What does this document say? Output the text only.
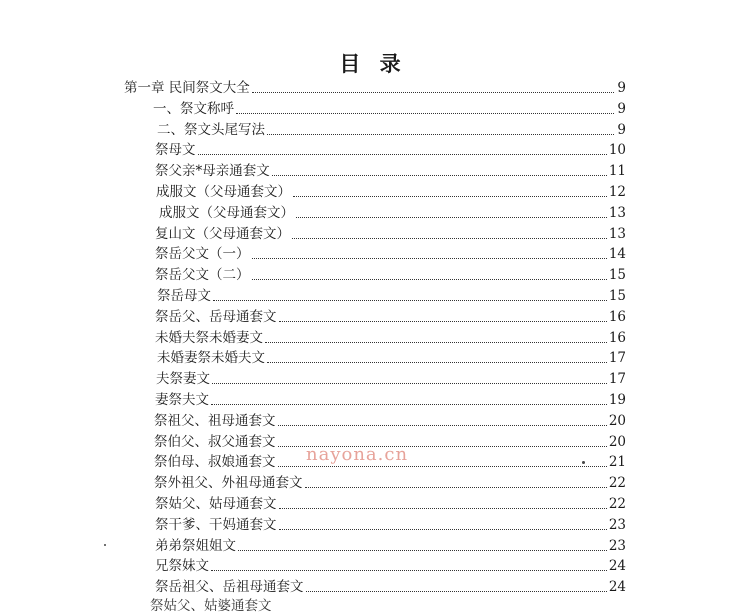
目 录
第一章 民间祭文大全	9
一、祭文称呼	9
二、祭文头尾写法	9
祭母文	10
祭父亲*母亲通套文	11
成服文（父母通套文）	12
成服文（父母通套文）	13
复山文（父母通套文）	13
祭岳父文（一）	14
祭岳父文（二）	15
祭岳母文	15
祭岳父、岳母通套文	16
未婚夫祭未婚妻文	16
未婚妻祭未婚夫文	17
夫祭妻文	17
妻祭夫文	19
祭祖父、祖母通套文	20
祭伯父、叔父通套文	20
祭伯母、叔娘通套文	21
祭外祖父、外祖母通套文	22
祭姑父、姑母通套文	22
祭干爹、干妈通套文	23
弟弟祭姐姐文	23
兄祭妹文	24
祭岳祖父、岳祖母通套文	24
nayona.cn
祭姑父、姑婆通套文
